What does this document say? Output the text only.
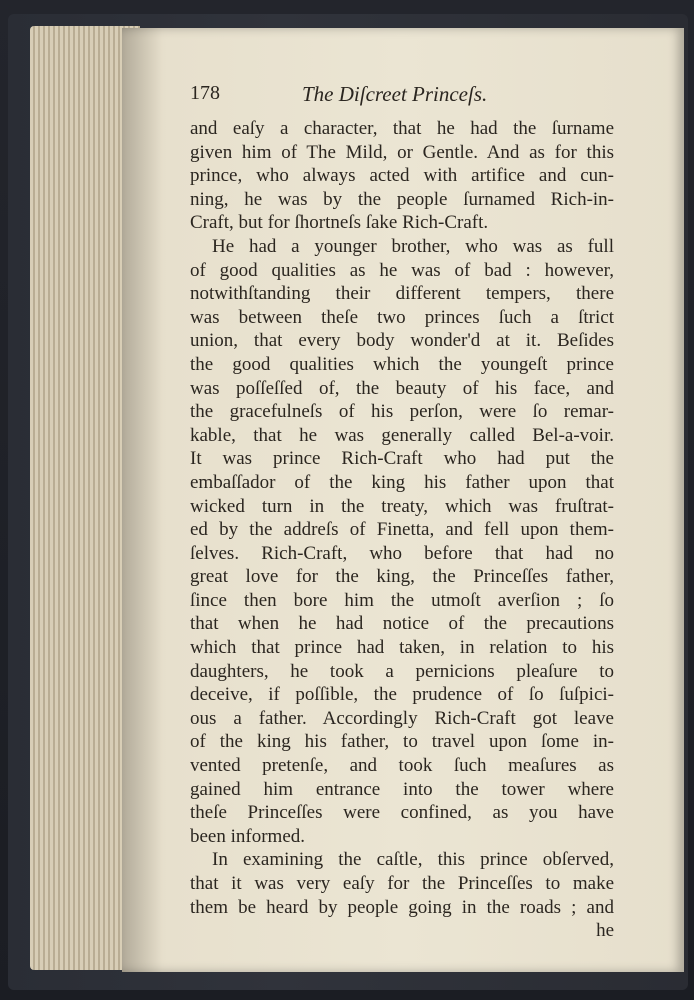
178	The Diſcreet Princeſs.
and eaſy a character, that he had the ſurname
given him of The Mild, or Gentle. And as for this
prince, who always acted with artifice and cun-
ning, he was by the people ſurnamed Rich-in-
Craft, but for ſhortneſs ſake Rich-Craft.
He had a younger brother, who was as full
of good qualities as he was of bad : however,
notwithſtanding their different tempers, there
was between theſe two princes ſuch a ſtrict
union, that every body wonder'd at it. Beſides
the good qualities which the youngeſt prince
was poſſeſſed of, the beauty of his face, and
the gracefulneſs of his perſon, were ſo remar-
kable, that he was generally called Bel-a-voir.
It was prince Rich-Craft who had put the
embaſſador of the king his father upon that
wicked turn in the treaty, which was fruſtrat-
ed by the addreſs of Finetta, and fell upon them-
ſelves. Rich-Craft, who before that had no
great love for the king, the Princeſſes father,
ſince then bore him the utmoſt averſion ; ſo
that when he had notice of the precautions
which that prince had taken, in relation to his
daughters, he took a pernicions pleaſure to
deceive, if poſſible, the prudence of ſo ſuſpici-
ous a father. Accordingly Rich-Craft got leave
of the king his father, to travel upon ſome in-
vented pretenſe, and took ſuch meaſures as
gained him entrance into the tower where
theſe Princeſſes were confined, as you have
been informed.
In examining the caſtle, this prince obſerved,
that it was very eaſy for the Princeſſes to make
them be heard by people going in the roads ; and
he
